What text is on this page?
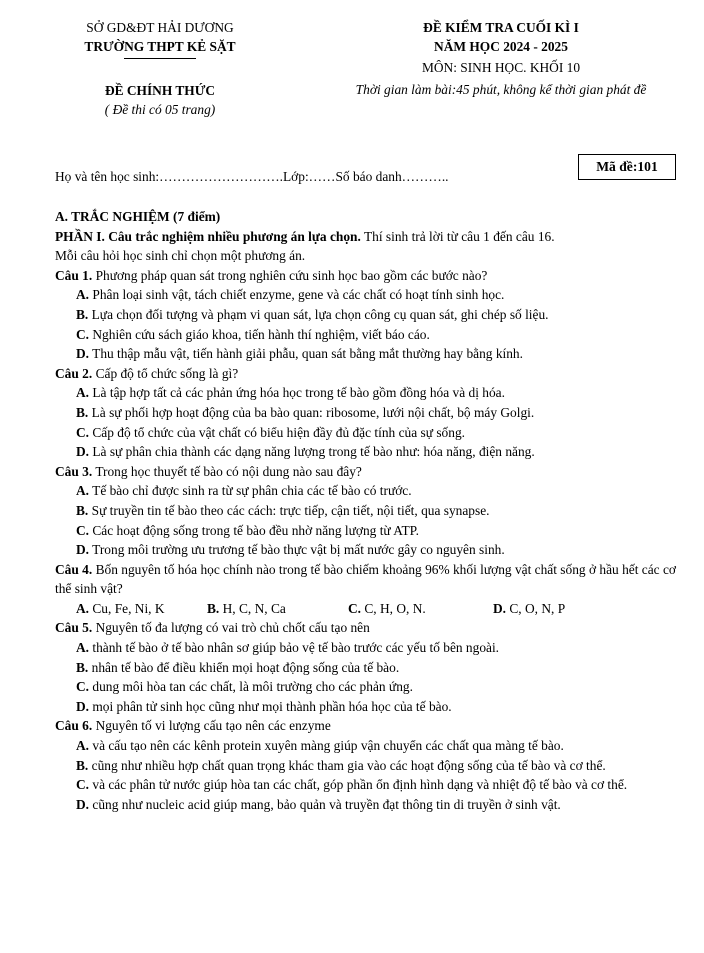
SỞ GD&ĐT HẢI DƯƠNG
TRƯỜNG THPT KẺ SẶT
ĐỀ CHÍNH THỨC
( Đề thi có 05 trang)
ĐỀ KIỂM TRA CUỐI KÌ I
NĂM HỌC 2024 - 2025
MÔN: SINH HỌC. KHỐI 10
Thời gian làm bài:45 phút, không kể thời gian phát đề
Họ và tên học sinh:……………………….Lớp:……Số báo danh………..
Mã đề:101
A. TRẮC NGHIỆM (7 điểm)
PHẦN I. Câu trắc nghiệm nhiều phương án lựa chọn. Thí sinh trả lời từ câu 1 đến câu 16.
Mỗi câu hỏi học sinh chỉ chọn một phương án.
Câu 1. Phương pháp quan sát trong nghiên cứu sinh học bao gồm các bước nào?
A. Phân loại sinh vật, tách chiết enzyme, gene và các chất có hoạt tính sinh học.
B. Lựa chọn đối tượng và phạm vi quan sát, lựa chọn công cụ quan sát, ghi chép số liệu.
C. Nghiên cứu sách giáo khoa, tiến hành thí nghiệm, viết báo cáo.
D. Thu thập mẫu vật, tiến hành giải phẫu, quan sát bằng mắt thường hay bằng kính.
Câu 2. Cấp độ tổ chức sống là gì?
A. Là tập hợp tất cả các phản ứng hóa học trong tế bào gồm đồng hóa và dị hóa.
B. Là sự phối hợp hoạt động của ba bào quan: ribosome, lưới nội chất, bộ máy Golgi.
C. Cấp độ tổ chức của vật chất có biểu hiện đầy đủ đặc tính của sự sống.
D. Là sự phân chia thành các dạng năng lượng trong tế bào như: hóa năng, điện năng.
Câu 3. Trong học thuyết tế bào có nội dung nào sau đây?
A. Tế bào chỉ được sinh ra từ sự phân chia các tế bào có trước.
B. Sự truyền tin tế bào theo các cách: trực tiếp, cận tiết, nội tiết, qua synapse.
C. Các hoạt động sống trong tế bào đều nhờ năng lượng từ ATP.
D. Trong môi trường ưu trương tế bào thực vật bị mất nước gây co nguyên sinh.
Câu 4. Bốn nguyên tố hóa học chính nào trong tế bào chiếm khoảng 96% khối lượng vật chất sống ở hầu hết các cơ thể sinh vật?
A. Cu, Fe, Ni, K	B. H, C, N, Ca	C. C, H, O, N.	D. C, O, N, P
Câu 5. Nguyên tố đa lượng có vai trò chủ chốt cấu tạo nên
A. thành tế bào ở tế bào nhân sơ giúp bảo vệ tế bào trước các yếu tố bên ngoài.
B. nhân tế bào để điều khiển mọi hoạt động sống của tế bào.
C. dung môi hòa tan các chất, là môi trường cho các phản ứng.
D. mọi phân tử sinh học cũng như mọi thành phần hóa học của tế bào.
Câu 6. Nguyên tố vi lượng cấu tạo nên các enzyme
A. và cấu tạo nên các kênh protein xuyên màng giúp vận chuyển các chất qua màng tế bào.
B. cũng như nhiều hợp chất quan trọng khác tham gia vào các hoạt động sống của tế bào và cơ thể.
C. và các phân tử nước giúp hòa tan các chất, góp phần ổn định hình dạng và nhiệt độ tế bào và cơ thể.
D. cũng như nucleic acid giúp mang, bảo quản và truyền đạt thông tin di truyền ở sinh vật.
